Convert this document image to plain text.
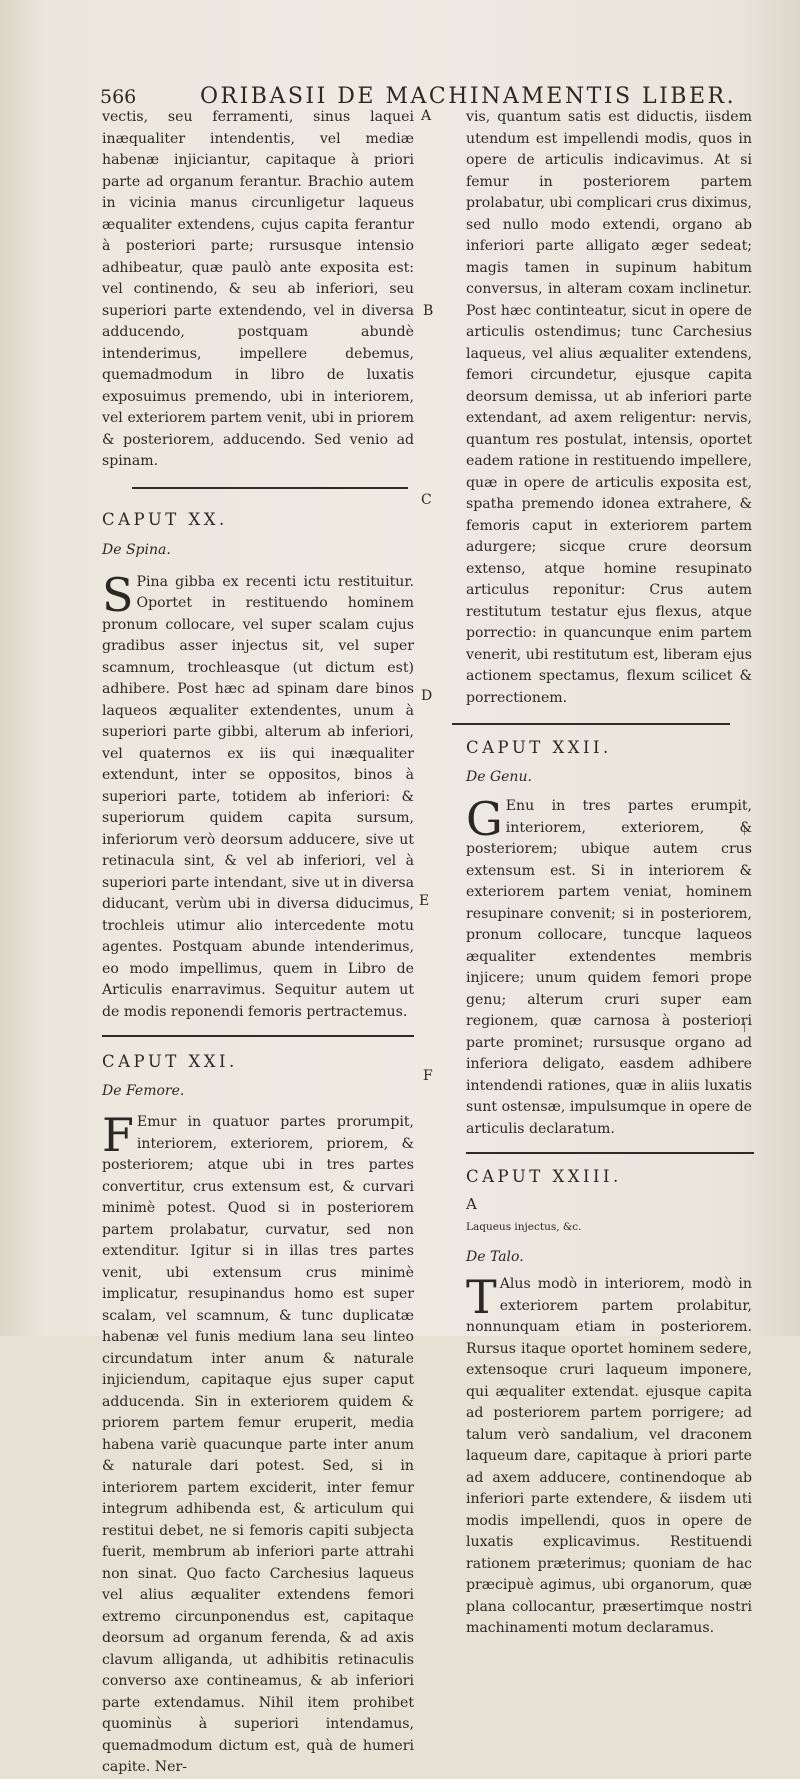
566	ORIBASII DE MACHINAMENTIS LIBER.
A
B
C
D
E
F

vectis, seu ferramenti, sinus laquei inæqualiter intendentis, vel mediæ habenæ injiciantur, capitaque à priori parte ad organum ferantur. Brachio autem in vicinia manus circunligetur laqueus æqualiter extendens, cujus capita ferantur à posteriori parte; rursusque intensio adhibeatur, quæ paulò ante exposita est: vel continendo, & seu ab inferiori, seu superiori parte extendendo, vel in diversa adducendo, postquam abundè intenderimus, impellere debemus, quemadmodum in libro de luxatis exposuimus premendo, ubi in interiorem, vel exteriorem partem venit, ubi in priorem & posteriorem, adducendo. Sed venio ad spinam.

CAPUT XX.

De Spina.

S Pina gibba ex recenti ictu restituitur. Oportet in restituendo hominem pronum collocare, vel super scalam cujus gradibus asser injectus sit, vel super scamnum, trochleasque (ut dictum est) adhibere. Post hæc ad spinam dare binos laqueos æqualiter extendentes, unum à superiori parte gibbi, alterum ab inferiori, vel quaternos ex iis qui inæqualiter extendunt, inter se oppositos, binos à superiori parte, totidem ab inferiori: & superiorum quidem capita sursum, inferiorum verò deorsum adducere, sive ut retinacula sint, & vel ab inferiori, vel à superiori parte intendant, sive ut in diversa diducant, verùm ubi in diversa diducimus, trochleis utimur alio intercedente motu agentes. Postquam abunde intenderimus, eo modo impellimus, quem in Libro de Articulis enarravimus. Sequitur autem ut de modis reponendi femoris pertractemus.

CAPUT XXI.

De Femore.

F Emur in quatuor partes prorumpit, interiorem, exteriorem, priorem, & posteriorem; atque ubi in tres partes convertitur, crus extensum est, & curvari minimè potest. Quod si in posteriorem partem prolabatur, curvatur, sed non extenditur. Igitur si in illas tres partes venit, ubi extensum crus minimè implicatur, resupinandus homo est super scalam, vel scamnum, & tunc duplicatæ habenæ vel funis medium lana seu linteo circundatum inter anum & naturale injiciendum, capitaque ejus super caput adducenda. Sin in exteriorem quidem & priorem partem femur eruperit, media habena variè quacunque parte inter anum & naturale dari potest. Sed, si in interiorem partem exciderit, inter femur integrum adhibenda est, & articulum qui restitui debet, ne si femoris capiti subjecta fuerit, membrum ab inferiori parte attrahi non sinat. Quo facto Carchesius laqueus vel alius æqualiter extendens femori extremo circunponendus est, capitaque deorsum ad organum ferenda, & ad axis clavum alliganda, ut adhibitis retinaculis converso axe contineamus, & ab inferiori parte extendamus. Nihil item prohibet quominùs à superiori intendamus, quemadmodum dictum est, quà de humeri capite. Ner-

vis, quantum satis est diductis, iisdem utendum est impellendi modis, quos in opere de articulis indicavimus. At si femur in posteriorem partem prolabatur, ubi complicari crus diximus, sed nullo modo extendi, organo ab inferiori parte alligato æger sedeat; magis tamen in supinum habitum conversus, in alteram coxam inclinetur. Post hæc continteatur, sicut in opere de articulis ostendimus; tunc Carchesius laqueus, vel alius æqualiter extendens, femori circundetur, ejusque capita deorsum demissa, ut ab inferiori parte extendant, ad axem religentur: nervis, quantum res postulat, intensis, oportet eadem ratione in restituendo impellere, quæ in opere de articulis exposita est, spatha premendo idonea extrahere, & femoris caput in exteriorem partem adurgere; sicque crure deorsum extenso, atque homine resupinato articulus reponitur: Crus autem restitutum testatur ejus flexus, atque porrectio: in quancunque enim partem venerit, ubi restitutum est, liberam ejus actionem spectamus, flexum scilicet & porrectionem.

CAPUT XXII.

De Genu.

G Enu in tres partes erumpit, interiorem, exteriorem, & posteriorem; ubique autem crus extensum est. Si in interiorem & exteriorem partem veniat, hominem resupinare convenit; si in posteriorem, pronum collocare, tuncque laqueos æqualiter extendentes membris injicere; unum quidem femori prope genu; alterum cruri super eam regionem, quæ carnosa à posteriori parte prominet; rursusque organo ad inferiora deligato, easdem adhibere intendendi rationes, quæ in aliis luxatis sunt ostensæ, impulsumque in opere de articulis declaratum.

CAPUT XXIII.

A

Laqueus injectus, &c.

De Talo.

T Alus modò in interiorem, modò in exteriorem partem prolabitur, nonnunquam etiam in posteriorem. Rursus itaque oportet hominem sedere, extensoque cruri laqueum imponere, qui æqualiter extendat. ejusque capita ad posteriorem partem porrigere; ad talum verò sandalium, vel draconem laqueum dare, capitaque à priori parte ad axem adducere, continendoque ab inferiori parte extendere, & iisdem uti modis impellendi, quos in opere de luxatis explicavimus. Restituendi rationem præterimus; quoniam de hac præcipuè agimus, ubi organorum, quæ plana collocantur, præsertimque nostri machinamenti motum declaramus.
